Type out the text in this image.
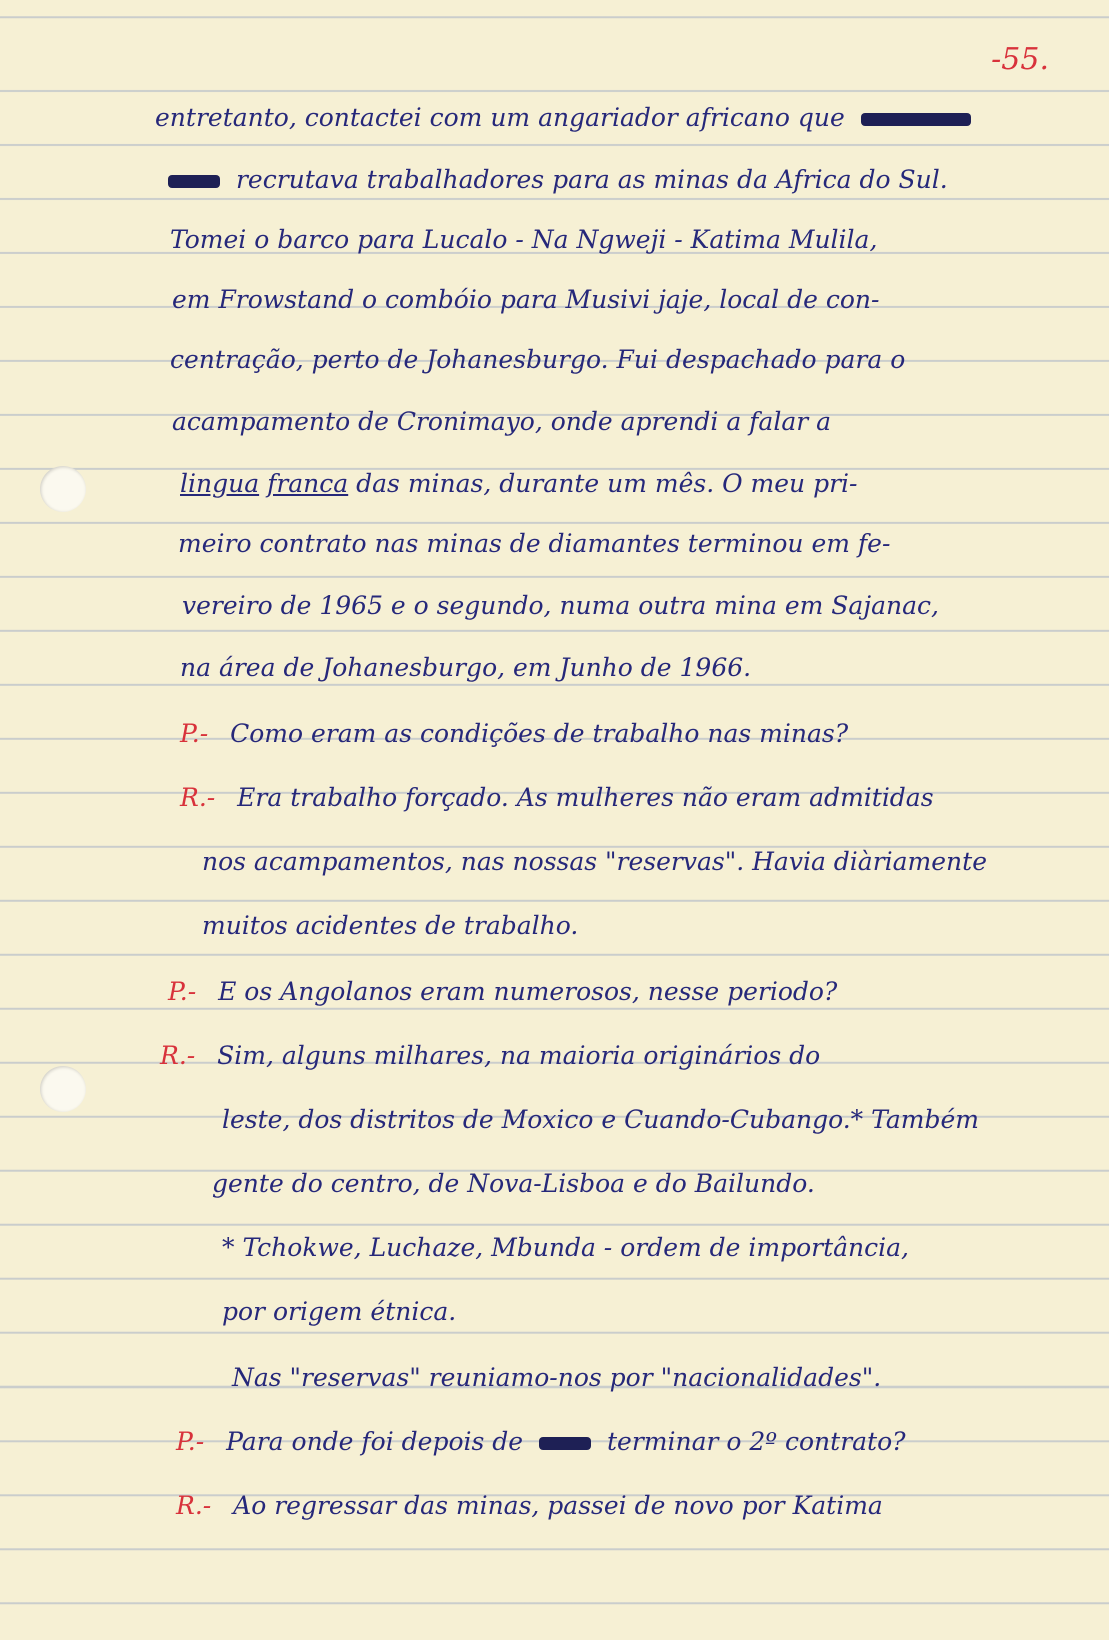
-55.
entretanto, contactei com um angariador africano que
recrutava trabalhadores para as minas da Africa do Sul.
Tomei o barco para Lucalo - Na Ngweji - Katima Mulila,
em Frowstand o combóio para Musivi jaje, local de con-
centração, perto de Johanesburgo. Fui despachado para o
acampamento de Cronimayo, onde aprendi a falar a
lingua franca das minas, durante um mês. O meu pri-
meiro contrato nas minas de diamantes terminou em fe-
vereiro de 1965 e o segundo, numa outra mina em Sajanac,
na área de Johanesburgo, em Junho de 1966.
P.- Como eram as condições de trabalho nas minas?
R.- Era trabalho forçado. As mulheres não eram admitidas
nos acampamentos, nas nossas "reservas". Havia diàriamente
muitos acidentes de trabalho.
P.- E os Angolanos eram numerosos, nesse periodo?
R.- Sim, alguns milhares, na maioria originários do
leste, dos distritos de Moxico e Cuando-Cubango.* Também
gente do centro, de Nova-Lisboa e do Bailundo.
* Tchokwe, Luchaze, Mbunda - ordem de importância,
por origem étnica.
Nas "reservas" reuniamo-nos por "nacionalidades".
P.- Para onde foi depois de	terminar o 2º contrato?
R.- Ao regressar das minas, passei de novo por Katima
